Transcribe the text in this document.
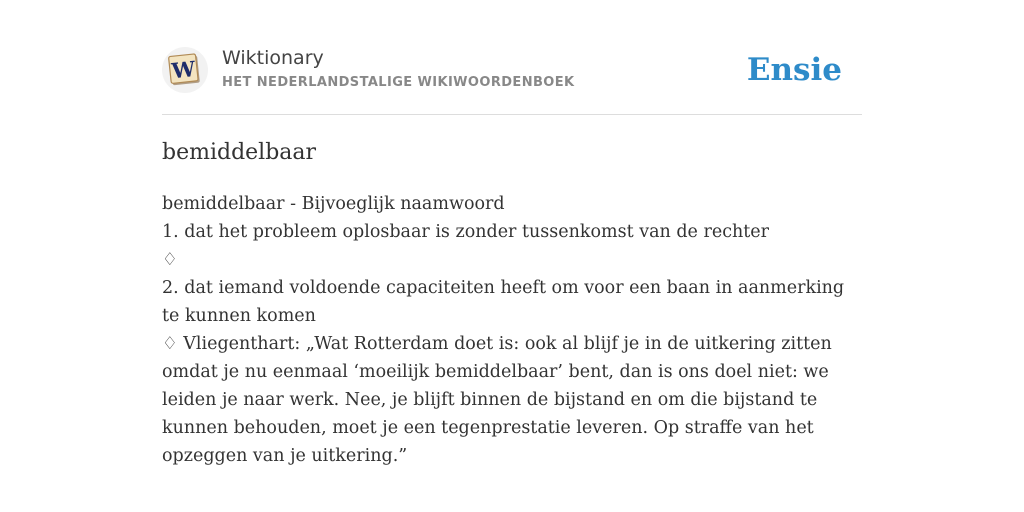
W Wiktionary
HET NEDERLANDSTALIGE WIKIWOORDENBOEK	Ensie
bemiddelbaar
bemiddelbaar - Bijvoeglijk naamwoord
1. dat het probleem oplosbaar is zonder tussenkomst van de rechter
♢
2. dat iemand voldoende capaciteiten heeft om voor een baan in aanmerking te kunnen komen
♢ Vliegenthart: „Wat Rotterdam doet is: ook al blijf je in de uitkering zitten omdat je nu eenmaal ‘moeilijk bemiddelbaar’ bent, dan is ons doel niet: we leiden je naar werk. Nee, je blijft binnen de bijstand en om die bijstand te kunnen behouden, moet je een tegenprestatie leveren. Op straffe van het opzeggen van je uitkering.”
